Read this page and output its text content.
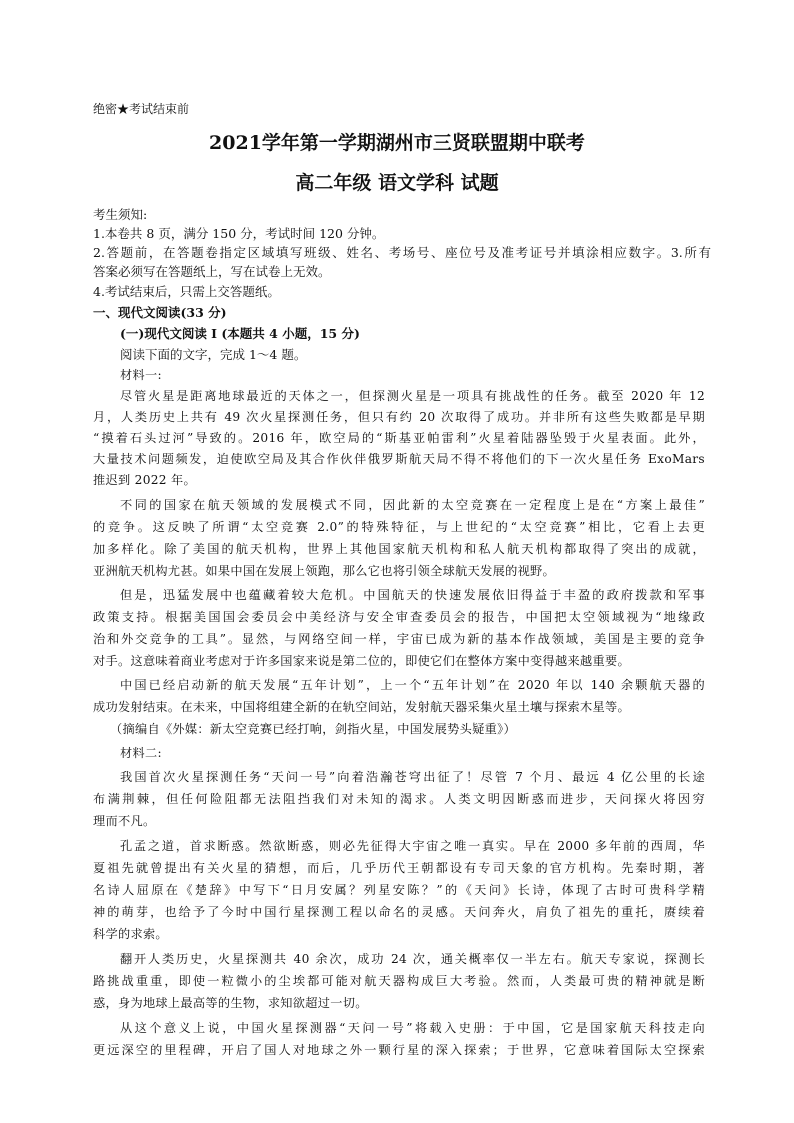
绝密★考试结束前
2021学年第一学期湖州市三贤联盟期中联考
高二年级 语文学科 试题
考生须知:
1.本卷共 8 页，满分 150 分，考试时间 120 分钟。
2.答题前，在答题卷指定区域填写班级、姓名、考场号、座位号及准考证号并填涂相应数字。3.所有
答案必须写在答题纸上，写在试卷上无效。
4.考试结束后，只需上交答题纸。
一、现代文阅读(33 分)
(一)现代文阅读 I (本题共 4 小题，15 分)
阅读下面的文字，完成 1～4 题。
材料一:
尽管火星是距离地球最近的天体之一，但探测火星是一项具有挑战性的任务。截至 2020 年 12
月，人类历史上共有 49 次火星探测任务，但只有约 20 次取得了成功。并非所有这些失败都是早期
“摸着石头过河”导致的。2016 年，欧空局的“斯基亚帕雷利”火星着陆器坠毁于火星表面。此外，
大量技术问题频发，迫使欧空局及其合作伙伴俄罗斯航天局不得不将他们的下一次火星任务 ExoMars
推迟到 2022 年。
不同的国家在航天领域的发展模式不同，因此新的太空竞赛在一定程度上是在“方案上最佳”
的竞争。这反映了所谓“太空竞赛 2.0”的特殊特征，与上世纪的“太空竞赛”相比，它看上去更
加多样化。除了美国的航天机构，世界上其他国家航天机构和私人航天机构都取得了突出的成就，
亚洲航天机构尤甚。如果中国在发展上领跑，那么它也将引领全球航天发展的视野。
但是，迅猛发展中也蕴藏着较大危机。中国航天的快速发展依旧得益于丰盈的政府拨款和军事
政策支持。根据美国国会委员会中美经济与安全审查委员会的报告，中国把太空领域视为“地缘政
治和外交竞争的工具”。显然，与网络空间一样，宇宙已成为新的基本作战领域，美国是主要的竞争
对手。这意味着商业考虑对于许多国家来说是第二位的，即使它们在整体方案中变得越来越重要。
中国已经启动新的航天发展“五年计划”，上一个“五年计划”在 2020 年以 140 余颗航天器的
成功发射结束。在未来，中国将组建全新的在轨空间站，发射航天器采集火星土壤与探索木星等。
（摘编自《外媒：新太空竞赛已经打响，剑指火星，中国发展势头疑重》）
材料二:
我国首次火星探测任务“天问一号”向着浩瀚苍穹出征了！尽管 7 个月、最远 4 亿公里的长途
布满荆棘，但任何险阻都无法阻挡我们对未知的渴求。人类文明因断惑而进步，天问探火将因穷
理而不凡。
孔孟之道，首求断惑。然欲断惑，则必先征得大宇宙之唯一真实。早在 2000 多年前的西周，华
夏祖先就曾提出有关火星的猜想，而后，几乎历代王朝都设有专司天象的官方机构。先秦时期，著
名诗人屈原在《楚辞》中写下“日月安属？列星安陈？”的《天问》长诗，体现了古时可贵科学精
神的萌芽，也给予了今时中国行星探测工程以命名的灵感。天问奔火，肩负了祖先的重托，赓续着
科学的求索。
翻开人类历史，火星探测共 40 余次，成功 24 次，通关概率仅一半左右。航天专家说，探测长
路挑战重重，即使一粒微小的尘埃都可能对航天器构成巨大考验。然而，人类最可贵的精神就是断
惑，身为地球上最高等的生物，求知欲超过一切。
从这个意义上说，中国火星探测器“天问一号”将载入史册：于中国，它是国家航天科技走向
更远深空的里程碑，开启了国人对地球之外一颗行星的深入探索；于世界，它意味着国际太空探索
